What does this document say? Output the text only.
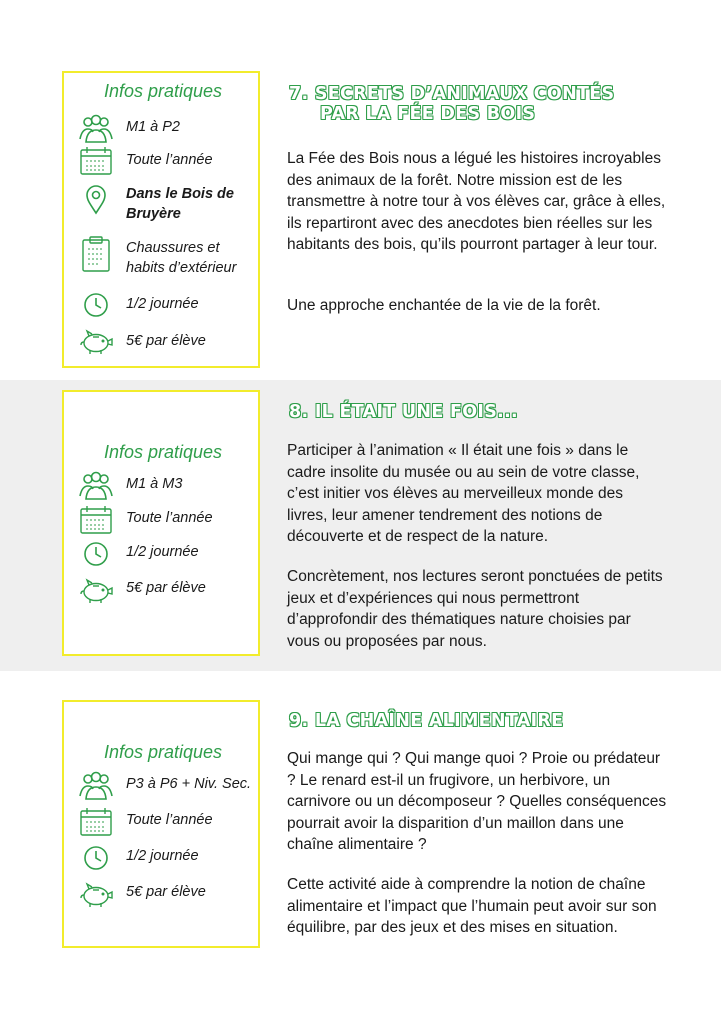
Infos pratiques
M1 à P2
Toute l’année
Dans le Bois de Bruyère
Chaussures et habits d’extérieur
1/2 journée
5€ par élève
7. SECRETS D’ANIMAUX CONTÉS
PAR LA FÉE DES BOIS

La Fée des Bois nous a légué les histoires incroyables des animaux de la forêt. Notre mission est de les transmettre à notre tour à vos élèves car, grâce à elles, ils repartiront avec des anecdotes bien réelles sur les habitants des bois, qu’ils pourront partager à leur tour.

Une approche enchantée de la vie de la forêt.

Infos pratiques
M1 à M3
Toute l’année
1/2 journée
5€ par élève
8. IL ÉTAIT UNE FOIS...

Participer à l’animation « Il était une fois » dans le cadre insolite du musée ou au sein de votre classe, c’est initier vos élèves au merveilleux monde des livres, leur amener tendrement des notions de découverte et de respect de la nature.

Concrètement, nos lectures seront ponctuées de petits jeux et d’expériences qui nous permettront d’approfondir des thématiques nature choisies par vous ou proposées par nous.

Infos pratiques
P3 à P6 + Niv. Sec.
Toute l’année
1/2 journée
5€ par élève
9. LA CHAÎNE ALIMENTAIRE

Qui mange qui ? Qui mange quoi ? Proie ou prédateur ? Le renard est-il un frugivore, un herbivore, un carnivore ou un décomposeur ? Quelles conséquences pourrait avoir la disparition d’un maillon dans une chaîne alimentaire ?

Cette activité aide à comprendre la notion de chaîne alimentaire et l’impact que l’humain peut avoir sur son équilibre, par des jeux et des mises en situation.
